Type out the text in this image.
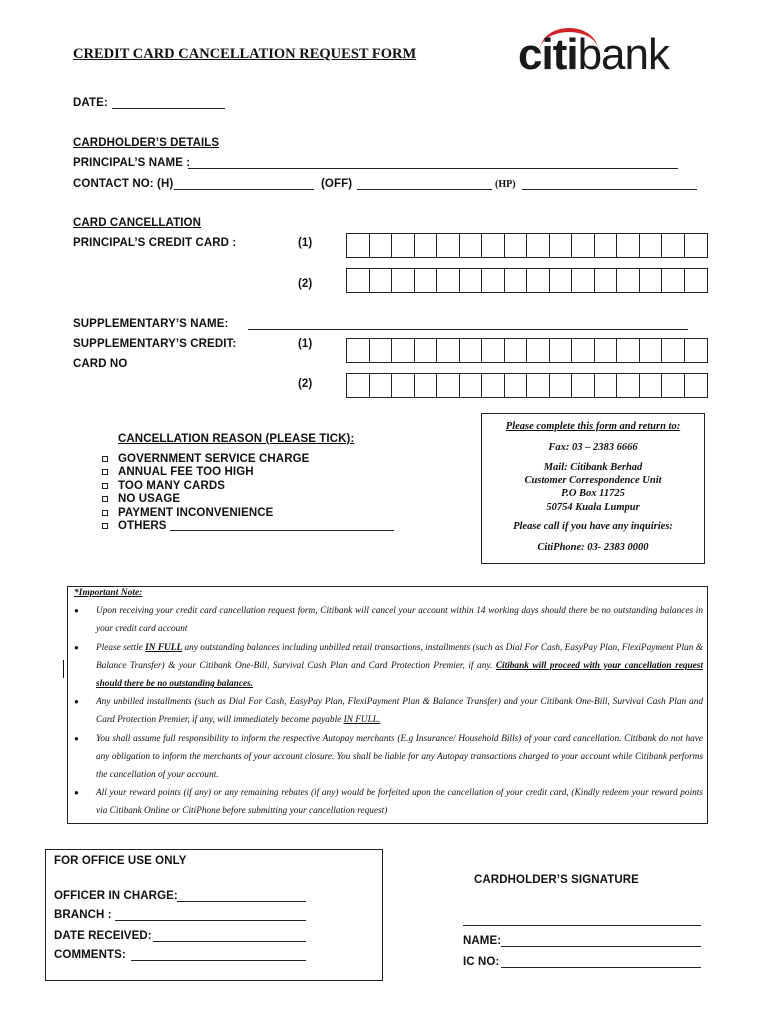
CREDIT CARD CANCELLATION REQUEST FORM citibank
DATE:
CARDHOLDER’S DETAILS
PRINCIPAL’S NAME :
CONTACT NO: (H)	(OFF)	(HP)
CARD CANCELLATION
PRINCIPAL’S CREDIT CARD :	(1)
(2)
SUPPLEMENTARY’S NAME:
SUPPLEMENTARY’S CREDIT:	(1)
CARD NO
(2)
CANCELLATION REASON (PLEASE TICK):
GOVERNMENT SERVICE CHARGE
ANNUAL FEE TOO HIGH
TOO MANY CARDS
NO USAGE
PAYMENT INCONVENIENCE
OTHERS
Please complete this form and return to:
Fax: 03 – 2383 6666
Mail: Citibank Berhad
Customer Correspondence Unit
P.O Box 11725
50754 Kuala Lumpur
Please call if you have any inquiries:
CitiPhone: 03- 2383 0000
*Important Note:
● Upon receiving your credit card cancellation request form, Citibank will cancel your account within 14 working days should there be no outstanding balances in your credit card account
● Please settle IN FULL any outstanding balances including unbilled retail transactions, installments (such as Dial For Cash, EasyPay Plan, FlexiPayment Plan & Balance Transfer) & your Citibank One-Bill, Survival Cash Plan and Card Protection Premier, if any. Citibank will proceed with your cancellation request should there be no outstanding balances.
● Any unbilled installments (such as Dial For Cash, EasyPay Plan, FlexiPayment Plan & Balance Transfer) and your Citibank One-Bill, Survival Cash Plan and Card Protection Premier, if any, will immediately become payable IN FULL.
● You shall assume full responsibility to inform the respective Autopay merchants (E.g Insurance/ Household Bills) of your card cancellation. Citibank do not have any obligation to inform the merchants of your account closure. You shall be liable for any Autopay transactions charged to your account while Citibank performs the cancellation of your account.
● All your reward points (if any) or any remaining rebates (if any) would be forfeited upon the cancellation of your credit card, (Kindly redeem your reward points via Citibank Online or CitiPhone before submitting your cancellation request)
FOR OFFICE USE ONLY
OFFICER IN CHARGE:
BRANCH :
DATE RECEIVED:
COMMENTS:
CARDHOLDER’S SIGNATURE
NAME:
IC NO:
